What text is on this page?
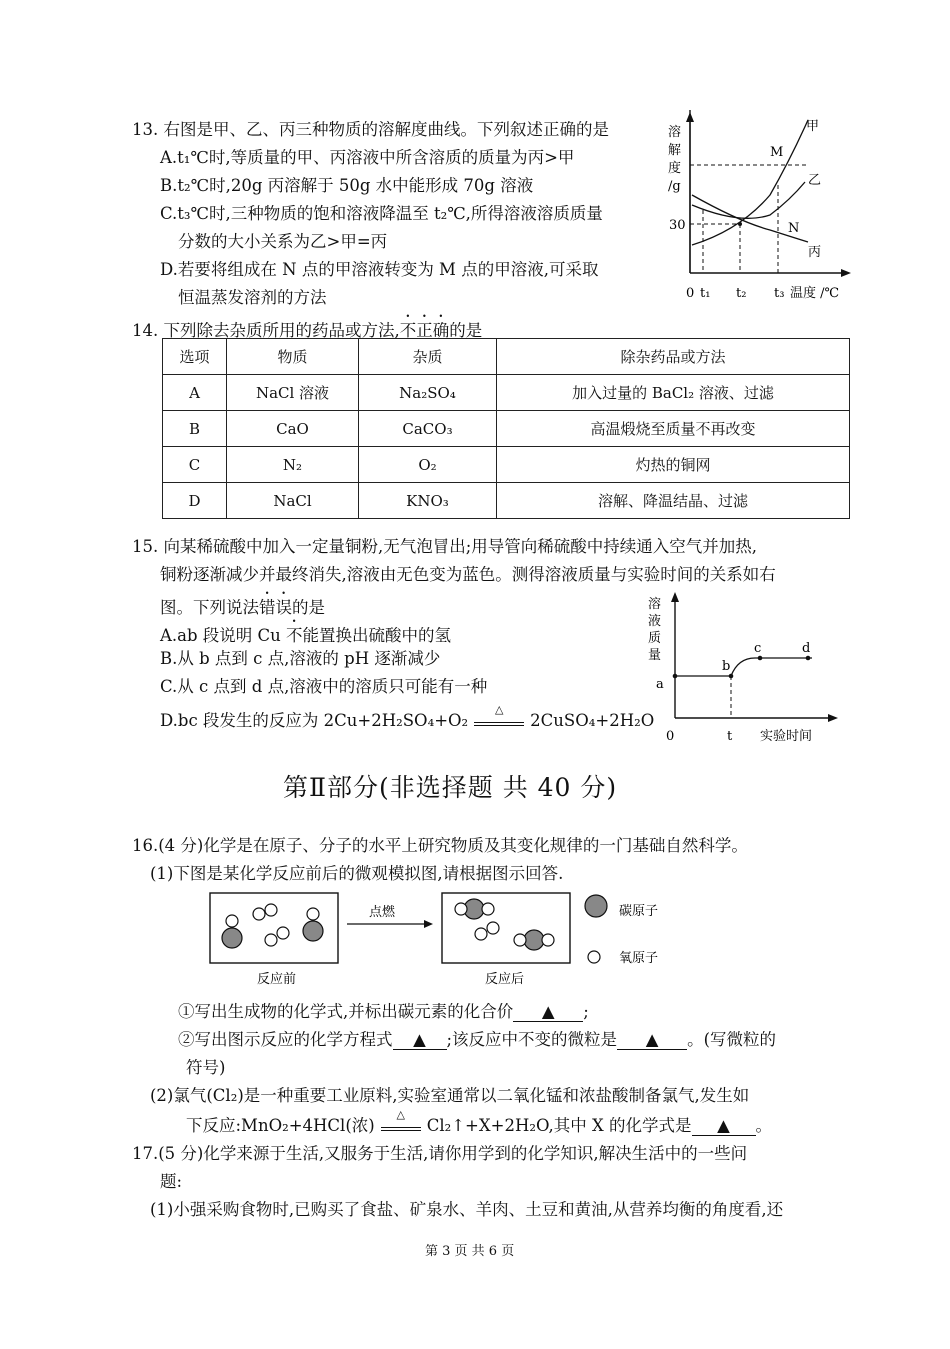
13. 右图是甲、乙、丙三种物质的溶解度曲线。下列叙述正确的是
A.t₁℃时,等质量的甲、丙溶液中所含溶质的质量为丙>甲
B.t₂℃时,20g 丙溶解于 50g 水中能形成 70g 溶液
C.t₃℃时,三种物质的饱和溶液降温至 t₂℃,所得溶液溶质质量
分数的大小关系为乙>甲=丙
D.若要将组成在 N 点的甲溶液转变为 M 点的甲溶液,可采取
恒温蒸发溶剂的方法
溶
解
度
/g
30
0 t₁ t₂ t₃ 温度 /℃
甲
乙
丙
M
N
14. 下列除去杂质所用的药品或方法,不正确的是
选项	物质	杂质	除杂药品或方法
A	NaCl 溶液	Na₂SO₄	加入过量的 BaCl₂ 溶液、过滤
B	CaO	CaCO₃	高温煅烧至质量不再改变
C	N₂	O₂	灼热的铜网
D	NaCl	KNO₃	溶解、降温结晶、过滤
15. 向某稀硫酸中加入一定量铜粉,无气泡冒出;用导管向稀硫酸中持续通入空气并加热,
铜粉逐渐减少并最终消失,溶液由无色变为蓝色。测得溶液质量与实验时间的关系如右
图。下列说法错误的是
A.ab 段说明 Cu 不能置换出硫酸中的氢
B.从 b 点到 c 点,溶液的 pH 逐渐减少
C.从 c 点到 d 点,溶液中的溶质只可能有一种
D.bc 段发生的反应为 2Cu+2H₂SO₄+O₂
△
2CuSO₄+2H₂O
溶
液
质
量
a
b
c	d
0	t 实验时间
第Ⅱ部分(非选择题 共 40 分)
16.(4 分)化学是在原子、分子的水平上研究物质及其变化规律的一门基础自然科学。
(1)下图是某化学反应前后的微观模拟图,请根据图示回答.
点燃
反应前	反应后
碳原子
氧原子
①写出生成物的化学式,并标出碳元素的化合价 ▲ ;
②写出图示反应的化学方程式 ▲ ;该反应中不变的微粒是 ▲ 。(写微粒的
符号)
(2)氯气(Cl₂)是一种重要工业原料,实验室通常以二氧化锰和浓盐酸制备氯气,发生如
下反应:MnO₂+4HCl(浓)
△
Cl₂↑+X+2H₂O,其中 X 的化学式是 ▲ 。
17.(5 分)化学来源于生活,又服务于生活,请你用学到的化学知识,解决生活中的一些问
题:
(1)小强采购食物时,已购买了食盐、矿泉水、羊肉、土豆和黄油,从营养均衡的角度看,还
第 3 页 共 6 页
